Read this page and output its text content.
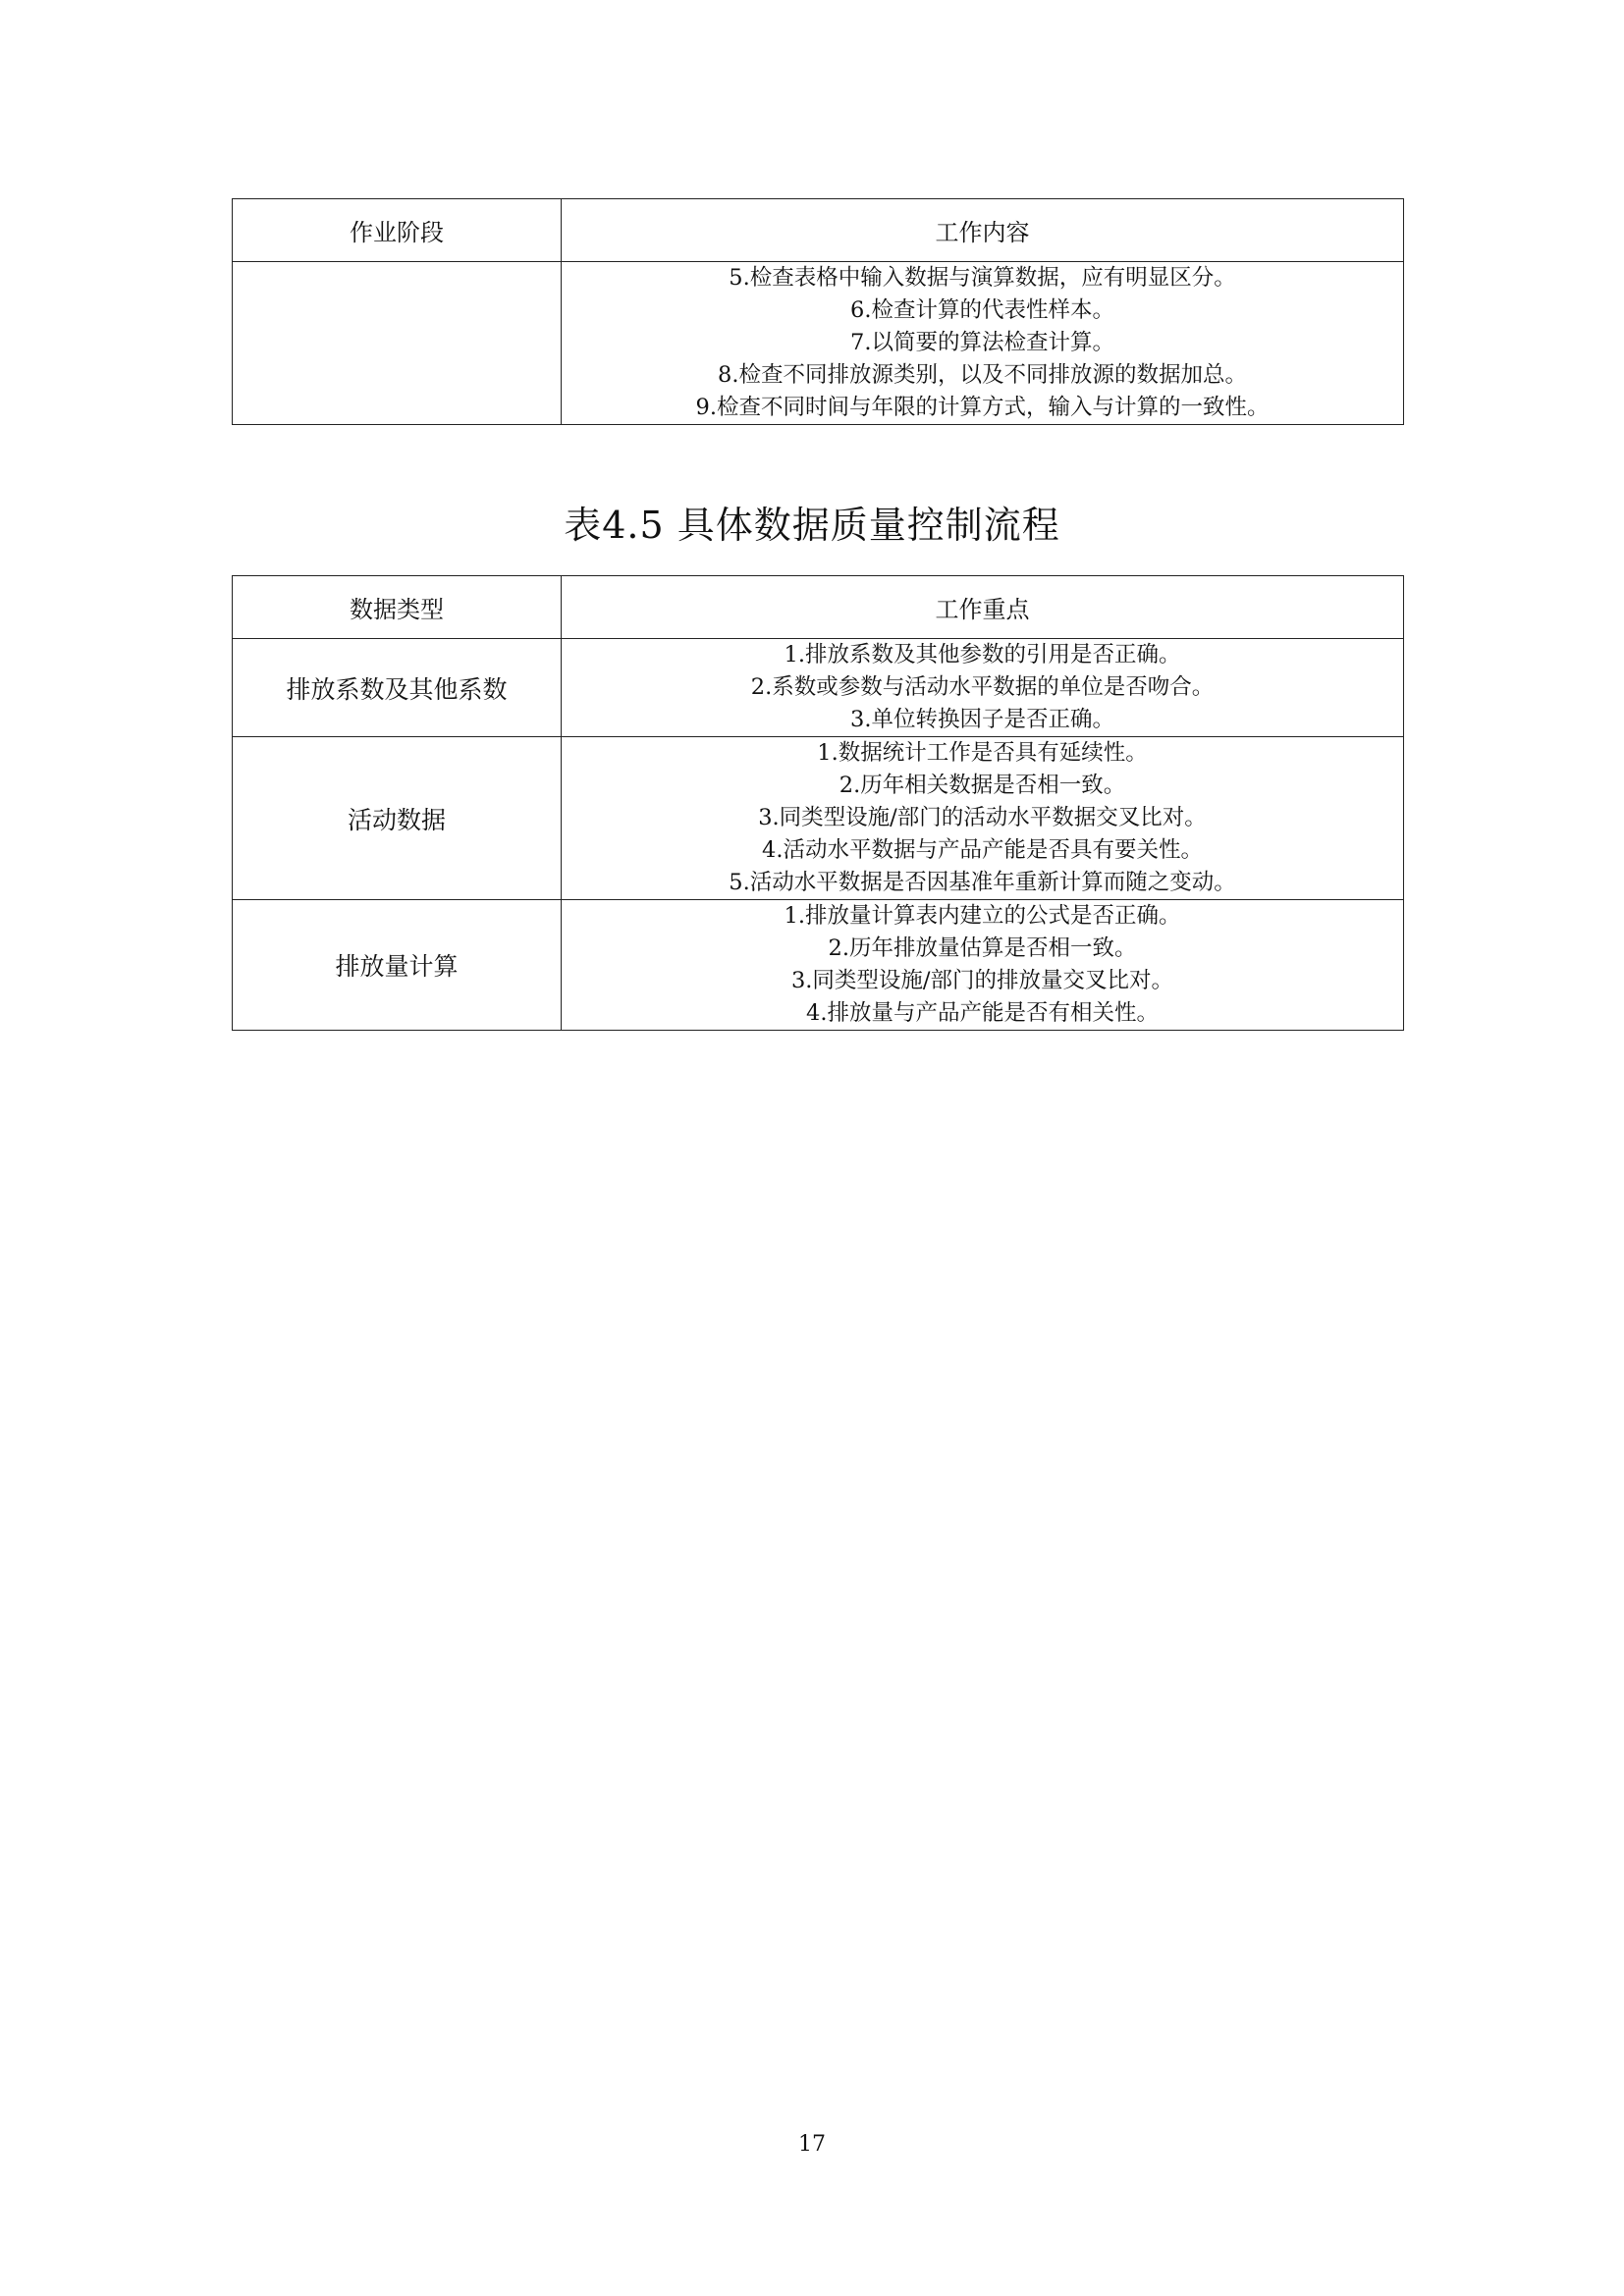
作业阶段	工作内容

	5.检查表格中输入数据与演算数据，应有明显区分。
6.检查计算的代表性样本。
7.以简要的算法检查计算。
8.检查不同排放源类别，以及不同排放源的数据加总。
9.检查不同时间与年限的计算方式，输入与计算的一致性。
表4.5 具体数据质量控制流程
数据类型	工作重点
排放系数及其他系数	1.排放系数及其他参数的引用是否正确。
2.系数或参数与活动水平数据的单位是否吻合。
3.单位转换因子是否正确。

活动数据	1.数据统计工作是否具有延续性。
2.历年相关数据是否相一致。
3.同类型设施/部门的活动水平数据交叉比对。
4.活动水平数据与产品产能是否具有要关性。
5.活动水平数据是否因基准年重新计算而随之变动。

排放量计算	1.排放量计算表内建立的公式是否正确。
2.历年排放量估算是否相一致。
3.同类型设施/部门的排放量交叉比对。
4.排放量与产品产能是否有相关性。
17
